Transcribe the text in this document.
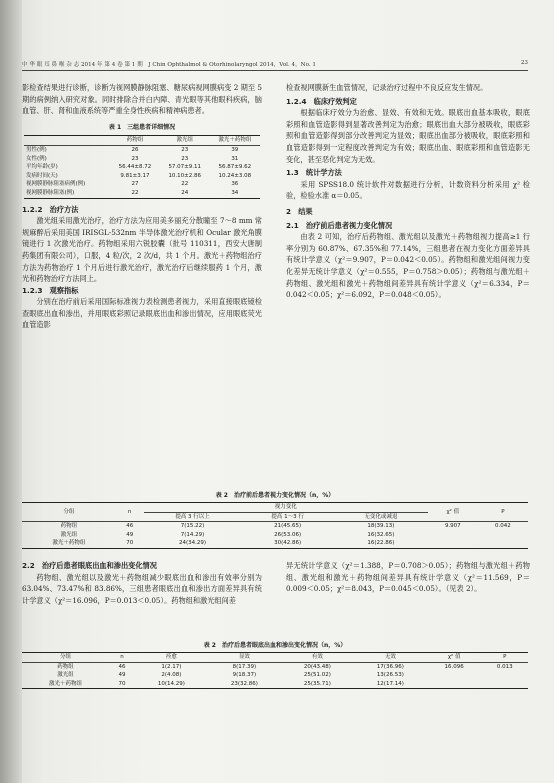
中 华 眼 耳 鼻 喉 杂 志 2014 年 第 4 卷 第 1 期　J Chin Ophthalmol & Otorhinolaryngol 2014，Vol. 4，No. 1	23

影检查结果进行诊断，诊断为视网膜静脉阻塞、糖尿病视网膜病变 2 期至 5 期的病例纳入研究对象。同时排除合并白内障、青光眼等其他眼科疾病，脑血管、肝、肾和血液系统等严重全身性疾病和精神病患者。

表 1　三组患者详细情况
	药物组	激光组	激光＋药物组
男性(例)	26	23	39
女性(例)	23	23	31
平均年龄(岁)	56.44±8.72	57.07±9.11	56.87±9.62
发病时间(天)	9.81±3.17	10.10±2.86	10.24±3.08
视网膜静脉阻塞病例(例)	27	22	36
视网膜静脉阻塞(例)	22	24	34
1.2.2　治疗方法

激光组采用激光治疗，治疗方法为应用美多丽充分散瞳至 7～8 mm 常规麻醉后采用美国 IRISGL-532nm 半导体激光治疗机和 Ocular 激光角膜镜进行 1 次激光治疗。药物组采用六锐胶囊（批号 110311，西安大唐制药集团有限公司），口服，4 粒/次，2 次/d，共 1 个月。激光＋药物组治疗方法为药物治疗 1 个月后进行激光治疗，激光治疗后继续服药 1 个月，激光和药物治疗方法同上。

1.2.3　观察指标

分别在治疗前后采用国际标准视力表检测患者视力，采用直接眼底镜检查眼底出血和渗出，并用眼底彩照记录眼底出血和渗出情况，应用眼底荧光血管造影

检查视网膜新生血管情况，记录治疗过程中不良反应发生情况。

1.2.4　临床疗效判定

根据临床疗效分为治愈、显效、有效和无效。眼底出血基本吸收，眼底彩照和血管造影得到显著改善判定为治愈；眼底出血大部分被吸收，眼底彩照和血管造影得到部分改善判定为显效；眼底出血部分被吸收，眼底彩照和血管造影得到一定程度改善判定为有效；眼底出血、眼底彩照和血管造影无变化，甚至恶化判定为无效。

1.3　统计学方法

采用 SPSS18.0 统计软件对数据进行分析，计数资料分析采用 χ² 检验，检验水准 α＝0.05。

2　结果
2.1　治疗前后患者视力变化情况

由表 2 可知，治疗后药物组、激光组以及激光＋药物组视力提高≥1 行率分别为 60.87%、67.35%和 77.14%，三组患者在视力变化方面差异具有统计学意义（χ²＝9.907，P＝0.042＜0.05）。药物组和激光组间视力变化差异无统计学意义（χ²＝0.555，P＝0.758＞0.05）；药物组与激光组＋药物组、激光组和激光＋药物组间差异具有统计学意义（χ²＝6.334，P＝0.042＜0.05；χ²＝6.092，P＝0.048＜0.05）。

表 2　治疗前后患者视力变化情况（n，%）
分组	n	视力变化			χ² 值	P
		提高 3 行以上	提高 1～3 行	无变化或减退		
药物组	46	7(15.22)	21(45.65)	18(39.13)	9.907	0.042
激光组	49	7(14.29)	26(53.06)	16(32.65)		
激光＋药物组	70	24(34.29)	30(42.86)	16(22.86)		
2.2　治疗后患者眼底出血和渗出变化情况

药物组、激光组以及激光＋药物组减少眼底出血和渗出有效率分别为 63.04%、73.47%和 83.86%，三组患者眼底出血和渗出方面差异具有统计学意义（χ²＝16.096，P＝0.013＜0.05）。药物组和激光组间差

异无统计学意义（χ²＝1.388，P＝0.708＞0.05）；药物组与激光组＋药物组、激光组和激光＋药物组间差异具有统计学意义（χ²＝11.569，P＝0.009＜0.05；χ²＝8.043，P＝0.045＜0.05）。（见表 2）。

表 2　治疗后患者眼底出血和渗出变化情况（n，%）
分组	n	痊愈	显效	有效	无效	χ² 值	P
药物组	46	1(2.17)	8(17.39)	20(43.48)	17(36.96)	16.096	0.013
激光组	49	2(4.08)	9(18.37)	25(51.02)	13(26.53)		
激光＋药物组	70	10(14.29)	23(32.86)	25(35.71)	12(17.14)		
